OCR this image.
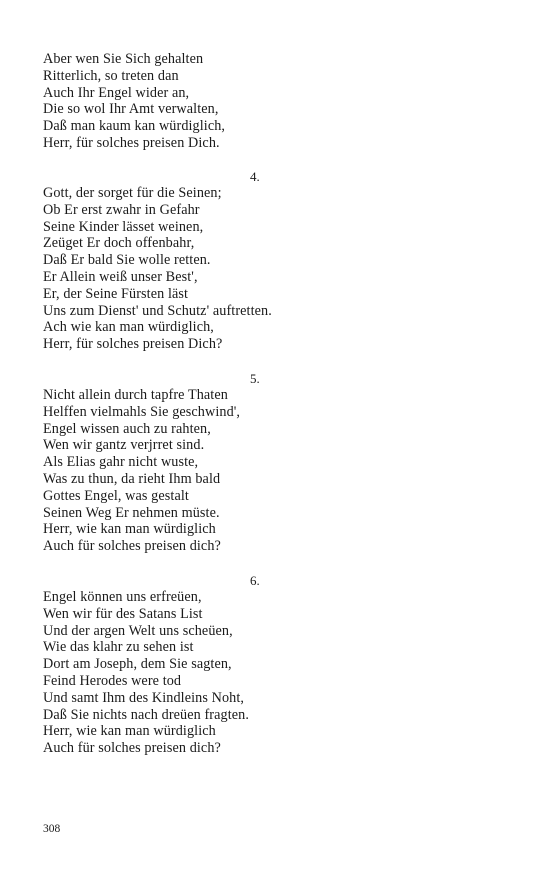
Aber wen Sie Sich gehalten
Ritterlich, so treten dan
Auch Ihr Engel wider an,
Die so wol Ihr Amt verwalten,
Daß man kaum kan würdiglich,
Herr, für solches preisen Dich.
4.
Gott, der sorget für die Seinen;
Ob Er erst zwahr in Gefahr
Seine Kinder lässet weinen,
Zeüget Er doch offenbahr,
Daß Er bald Sie wolle retten.
Er Allein weiß unser Best',
Er, der Seine Fürsten läst
Uns zum Dienst' und Schutz' auftretten.
Ach wie kan man würdiglich,
Herr, für solches preisen Dich?
5.
Nicht allein durch tapfre Thaten
Helffen vielmahls Sie geschwind',
Engel wissen auch zu rahten,
Wen wir gantz verjrret sind.
Als Elias gahr nicht wuste,
Was zu thun, da rieht Ihm bald
Gottes Engel, was gestalt
Seinen Weg Er nehmen müste.
Herr, wie kan man würdiglich
Auch für solches preisen dich?
6.
Engel können uns erfreüen,
Wen wir für des Satans List
Und der argen Welt uns scheüen,
Wie das klahr zu sehen ist
Dort am Joseph, dem Sie sagten,
Feind Herodes were tod
Und samt Ihm des Kindleins Noht,
Daß Sie nichts nach dreüen fragten.
Herr, wie kan man würdiglich
Auch für solches preisen dich?
308
